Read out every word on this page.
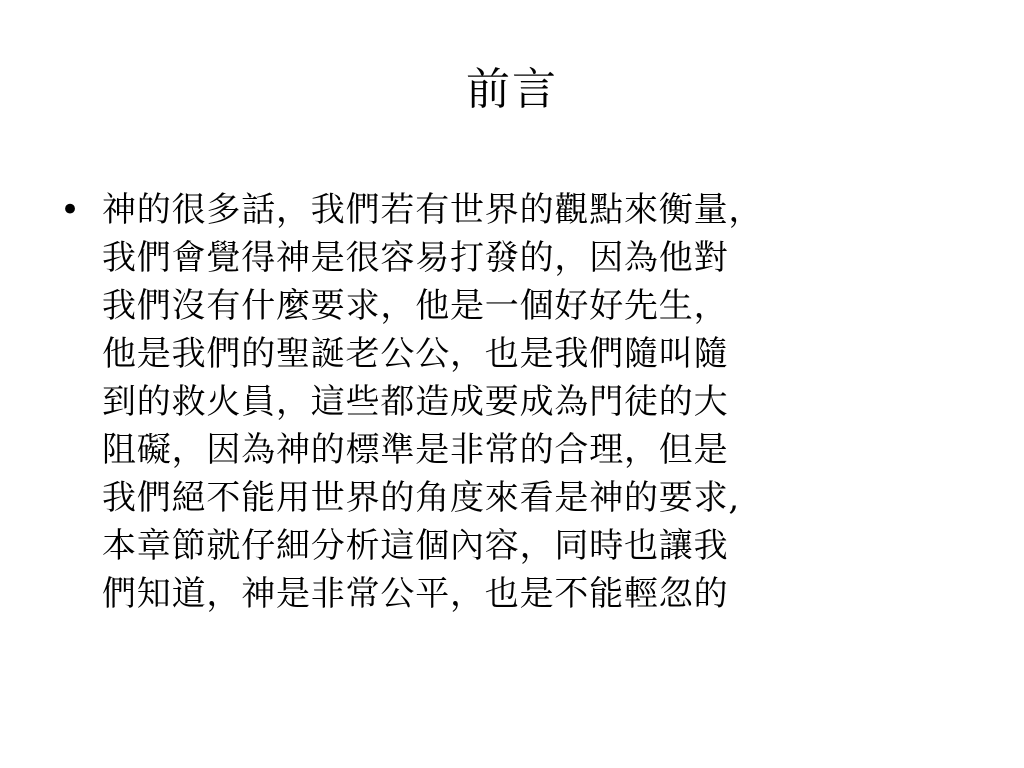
前言
• 神的很多話，我們若有世界的觀點來衡量，
我們會覺得神是很容易打發的，因為他對
我們沒有什麼要求，他是一個好好先生，
他是我們的聖誕老公公，也是我們隨叫隨
到的救火員，這些都造成要成為門徒的大
阻礙，因為神的標準是非常的合理，但是
我們絕不能用世界的角度來看是神的要求,
本章節就仔細分析這個內容，同時也讓我
們知道，神是非常公平，也是不能輕忽的
